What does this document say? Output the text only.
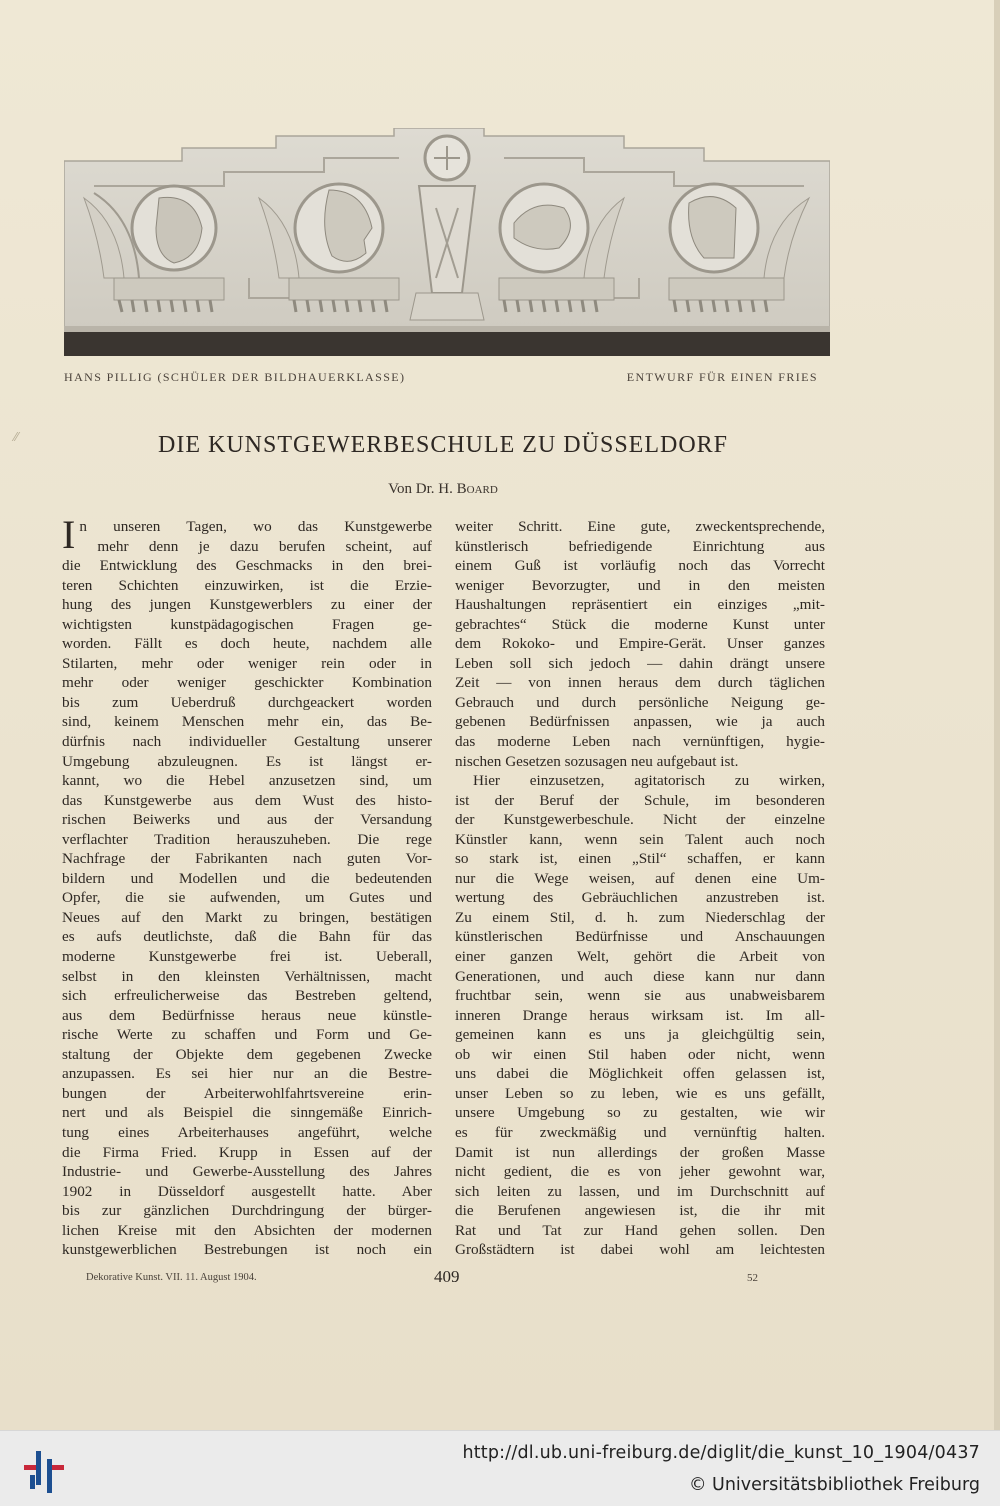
⁄⁄
HANS PILLIG (SCHÜLER DER BILDHAUERKLASSE)	ENTWURF FÜR EINEN FRIES
DIE KUNSTGEWERBESCHULE ZU DÜSSELDORF
Von Dr. H. Board
I n unseren Tagen, wo das Kunstgewerbe
mehr denn je dazu berufen scheint, auf
die Entwicklung des Geschmacks in den brei-
teren Schichten einzuwirken, ist die Erzie-
hung des jungen Kunstgewerblers zu einer der
wichtigsten kunstpädagogischen Fragen ge-
worden. Fällt es doch heute, nachdem alle
Stilarten, mehr oder weniger rein oder in
mehr oder weniger geschickter Kombination
bis zum Ueberdruß durchgeackert worden
sind, keinem Menschen mehr ein, das Be-
dürfnis nach individueller Gestaltung unserer
Umgebung abzuleugnen. Es ist längst er-
kannt, wo die Hebel anzusetzen sind, um
das Kunstgewerbe aus dem Wust des histo-
rischen Beiwerks und aus der Versandung
verflachter Tradition herauszuheben. Die rege
Nachfrage der Fabrikanten nach guten Vor-
bildern und Modellen und die bedeutenden
Opfer, die sie aufwenden, um Gutes und
Neues auf den Markt zu bringen, bestätigen
es aufs deutlichste, daß die Bahn für das
moderne Kunstgewerbe frei ist. Ueberall,
selbst in den kleinsten Verhältnissen, macht
sich erfreulicherweise das Bestreben geltend,
aus dem Bedürfnisse heraus neue künstle-
rische Werte zu schaffen und Form und Ge-
staltung der Objekte dem gegebenen Zwecke
anzupassen. Es sei hier nur an die Bestre-
bungen der Arbeiterwohlfahrtsvereine erin-
nert und als Beispiel die sinngemäße Einrich-
tung eines Arbeiterhauses angeführt, welche
die Firma Fried. Krupp in Essen auf der
Industrie- und Gewerbe-Ausstellung des Jahres
1902 in Düsseldorf ausgestellt hatte. Aber
bis zur gänzlichen Durchdringung der bürger-
lichen Kreise mit den Absichten der modernen
kunstgewerblichen Bestrebungen ist noch ein
weiter Schritt. Eine gute, zweckentsprechende,
künstlerisch befriedigende Einrichtung aus
einem Guß ist vorläufig noch das Vorrecht
weniger Bevorzugter, und in den meisten
Haushaltungen repräsentiert ein einziges „mit-
gebrachtes“ Stück die moderne Kunst unter
dem Rokoko- und Empire-Gerät. Unser ganzes
Leben soll sich jedoch — dahin drängt unsere
Zeit — von innen heraus dem durch täglichen
Gebrauch und durch persönliche Neigung ge-
gebenen Bedürfnissen anpassen, wie ja auch
das moderne Leben nach vernünftigen, hygie-
nischen Gesetzen sozusagen neu aufgebaut ist.
Hier einzusetzen, agitatorisch zu wirken,
ist der Beruf der Schule, im besonderen
der Kunstgewerbeschule. Nicht der einzelne
Künstler kann, wenn sein Talent auch noch
so stark ist, einen „Stil“ schaffen, er kann
nur die Wege weisen, auf denen eine Um-
wertung des Gebräuchlichen anzustreben ist.
Zu einem Stil, d. h. zum Niederschlag der
künstlerischen Bedürfnisse und Anschauungen
einer ganzen Welt, gehört die Arbeit von
Generationen, und auch diese kann nur dann
fruchtbar sein, wenn sie aus unabweisbarem
inneren Drange heraus wirksam ist. Im all-
gemeinen kann es uns ja gleichgültig sein,
ob wir einen Stil haben oder nicht, wenn
uns dabei die Möglichkeit offen gelassen ist,
unser Leben so zu leben, wie es uns gefällt,
unsere Umgebung so zu gestalten, wie wir
es für zweckmäßig und vernünftig halten.
Damit ist nun allerdings der großen Masse
nicht gedient, die es von jeher gewohnt war,
sich leiten zu lassen, und im Durchschnitt auf
die Berufenen angewiesen ist, die ihr mit
Rat und Tat zur Hand gehen sollen. Den
Großstädtern ist dabei wohl am leichtesten
Dekorative Kunst. VII. 11. August 1904.	409	52
http://dl.ub.uni-freiburg.de/diglit/die_kunst_10_1904/0437
© Universitätsbibliothek Freiburg
